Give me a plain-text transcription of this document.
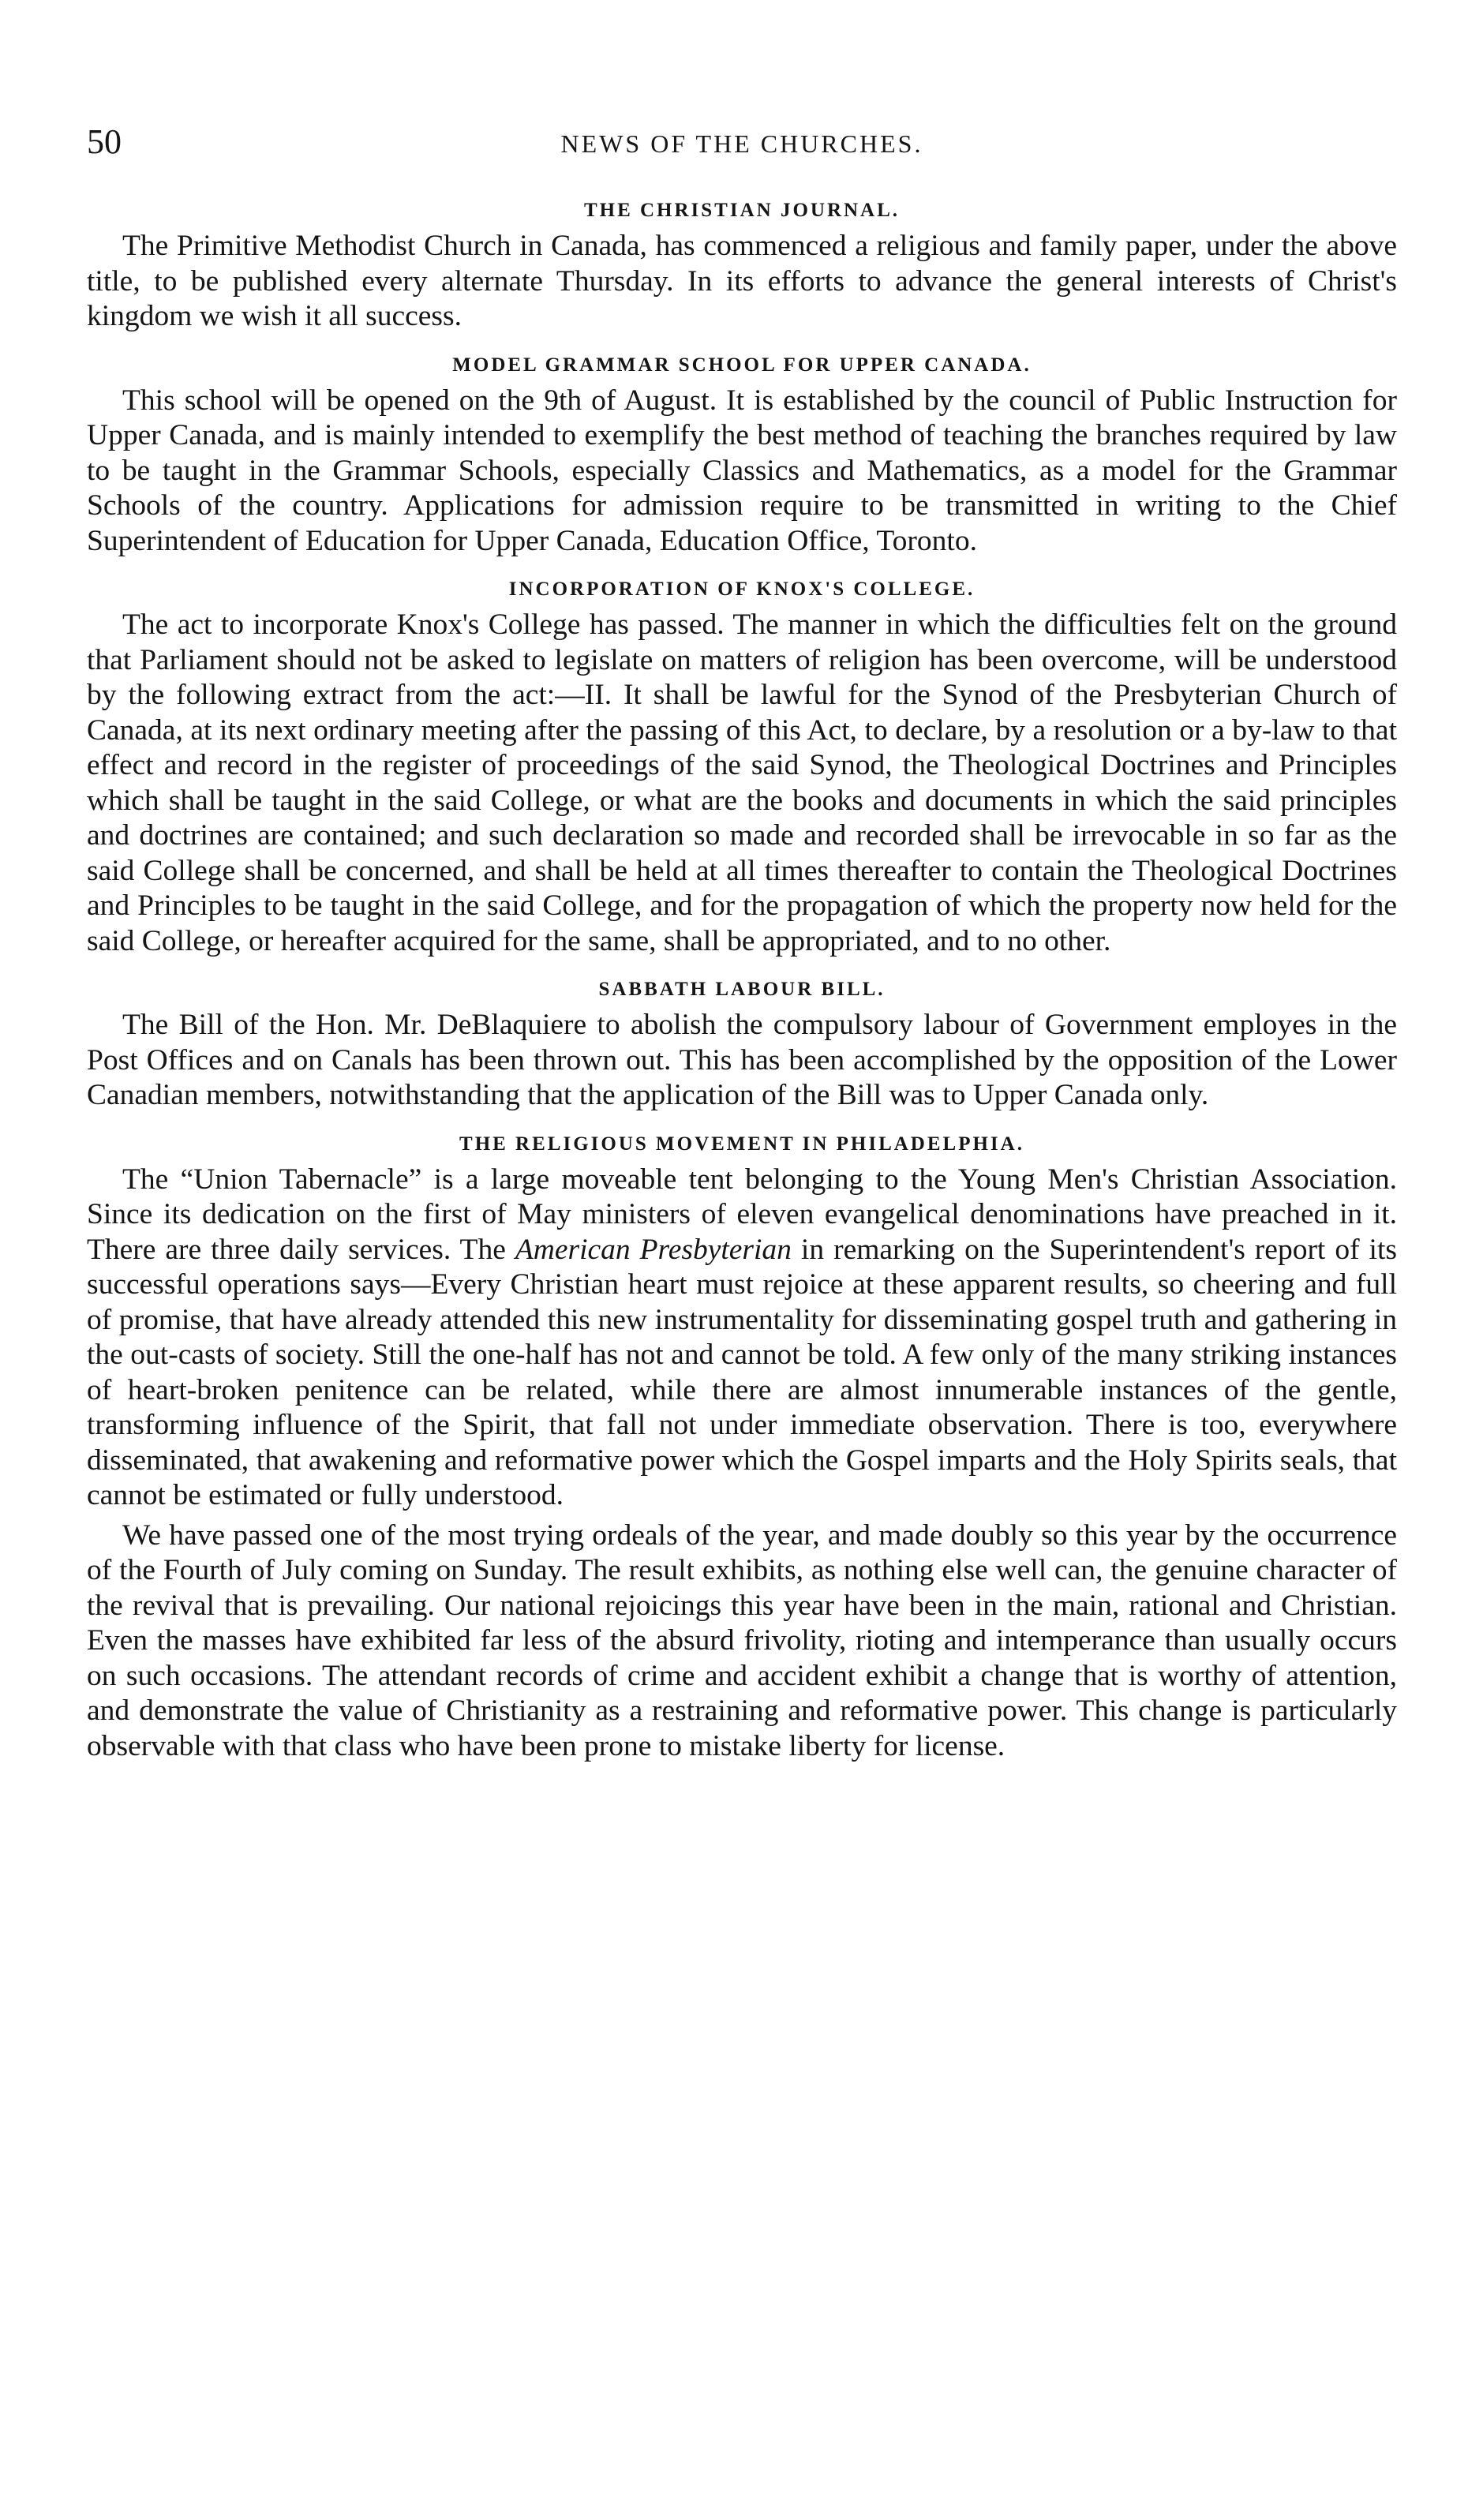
50	NEWS OF THE CHURCHES.
THE CHRISTIAN JOURNAL.

The Primitive Methodist Church in Canada, has commenced a religious and family paper, under the above title, to be published every alternate Thursday. In its efforts to advance the general interests of Christ's kingdom we wish it all success.

MODEL GRAMMAR SCHOOL FOR UPPER CANADA.

This school will be opened on the 9th of August. It is established by the council of Public Instruction for Upper Canada, and is mainly intended to exemplify the best method of teaching the branches required by law to be taught in the Grammar Schools, especially Classics and Mathematics, as a model for the Grammar Schools of the country. Applications for admission require to be transmitted in writing to the Chief Superintendent of Education for Upper Canada, Education Office, Toronto.

INCORPORATION OF KNOX'S COLLEGE.

The act to incorporate Knox's College has passed. The manner in which the difficulties felt on the ground that Parliament should not be asked to legislate on matters of religion has been overcome, will be understood by the following extract from the act:—II. It shall be lawful for the Synod of the Presbyterian Church of Canada, at its next ordinary meeting after the passing of this Act, to declare, by a resolution or a by-law to that effect and record in the register of proceedings of the said Synod, the Theological Doctrines and Principles which shall be taught in the said College, or what are the books and documents in which the said principles and doctrines are contained; and such declaration so made and recorded shall be irrevocable in so far as the said College shall be concerned, and shall be held at all times thereafter to contain the Theological Doctrines and Principles to be taught in the said College, and for the propagation of which the property now held for the said College, or hereafter acquired for the same, shall be appropriated, and to no other.

SABBATH LABOUR BILL.

The Bill of the Hon. Mr. DeBlaquiere to abolish the compulsory labour of Government employes in the Post Offices and on Canals has been thrown out. This has been accomplished by the opposition of the Lower Canadian members, notwithstanding that the application of the Bill was to Upper Canada only.

THE RELIGIOUS MOVEMENT IN PHILADELPHIA.

The “Union Tabernacle” is a large moveable tent belonging to the Young Men's Christian Association. Since its dedication on the first of May ministers of eleven evangelical denominations have preached in it. There are three daily services. The American Presbyterian in remarking on the Superintendent's report of its successful operations says—Every Christian heart must rejoice at these apparent results, so cheering and full of promise, that have already attended this new instrumentality for disseminating gospel truth and gathering in the out-casts of society. Still the one-half has not and cannot be told. A few only of the many striking instances of heart-broken penitence can be related, while there are almost innumerable instances of the gentle, transforming influence of the Spirit, that fall not under immediate observation. There is too, everywhere disseminated, that awakening and reformative power which the Gospel imparts and the Holy Spirits seals, that cannot be estimated or fully understood.

We have passed one of the most trying ordeals of the year, and made doubly so this year by the occurrence of the Fourth of July coming on Sunday. The result exhibits, as nothing else well can, the genuine character of the revival that is prevailing. Our national rejoicings this year have been in the main, rational and Christian. Even the masses have exhibited far less of the absurd frivolity, rioting and intemperance than usually occurs on such occasions. The attendant records of crime and accident exhibit a change that is worthy of attention, and demonstrate the value of Christianity as a restraining and reformative power. This change is particularly observable with that class who have been prone to mistake liberty for license.
